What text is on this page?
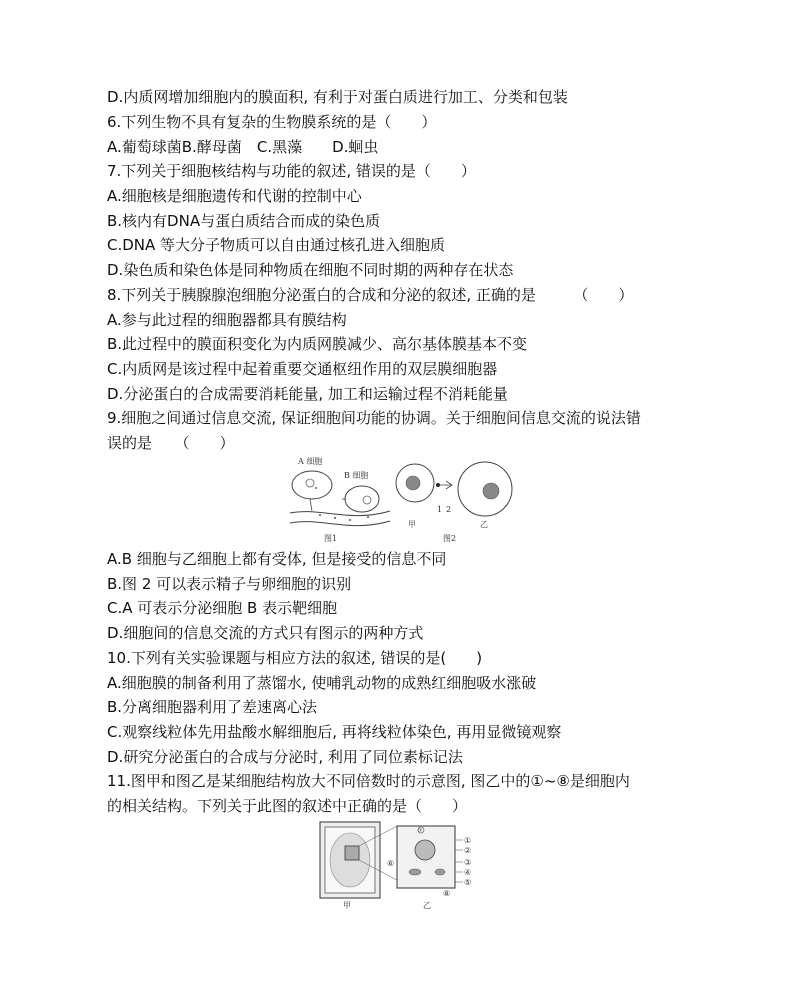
D.内质网增加细胞内的膜面积, 有利于对蛋白质进行加工、分类和包装
6.下列生物不具有复杂的生物膜系统的是（　　）
A.葡萄球菌B.酵母菌　C.黑藻　　D.蛔虫
7.下列关于细胞核结构与功能的叙述, 错误的是（　　）
A.细胞核是细胞遗传和代谢的控制中心
B.核内有DNA与蛋白质结合而成的染色质
C.DNA 等大分子物质可以自由通过核孔进入细胞质
D.染色质和染色体是同种物质在细胞不同时期的两种存在状态
8.下列关于胰腺腺泡细胞分泌蛋白的合成和分泌的叙述, 正确的是　　　（　　）
A.参与此过程的细胞器都具有膜结构
B.此过程中的膜面积变化为内质网膜减少、高尔基体膜基本不变
C.内质网是该过程中起着重要交通枢纽作用的双层膜细胞器
D.分泌蛋白的合成需要消耗能量, 加工和运输过程不消耗能量
9.细胞之间通过信息交流, 保证细胞间功能的协调。关于细胞间信息交流的说法错
误的是　　（　　）
A 细胞
B 细胞
图1
1 2
甲	乙
图2
A.B 细胞与乙细胞上都有受体, 但是接受的信息不同
B.图 2 可以表示精子与卵细胞的识别
C.A 可表示分泌细胞 B 表示靶细胞
D.细胞间的信息交流的方式只有图示的两种方式
10.下列有关实验课题与相应方法的叙述, 错误的是(　　)
A.细胞膜的制备利用了蒸馏水, 使哺乳动物的成熟红细胞吸水涨破
B.分离细胞器利用了差速离心法
C.观察线粒体先用盐酸水解细胞后, 再将线粒体染色, 再用显微镜观察
D.研究分泌蛋白的合成与分泌时, 利用了同位素标记法
11.图甲和图乙是某细胞结构放大不同倍数时的示意图, 图乙中的①~⑧是细胞内
的相关结构。下列关于此图的叙述中正确的是（　　）
甲
⑦
①
②
③
④
⑤
⑥
⑧
乙
